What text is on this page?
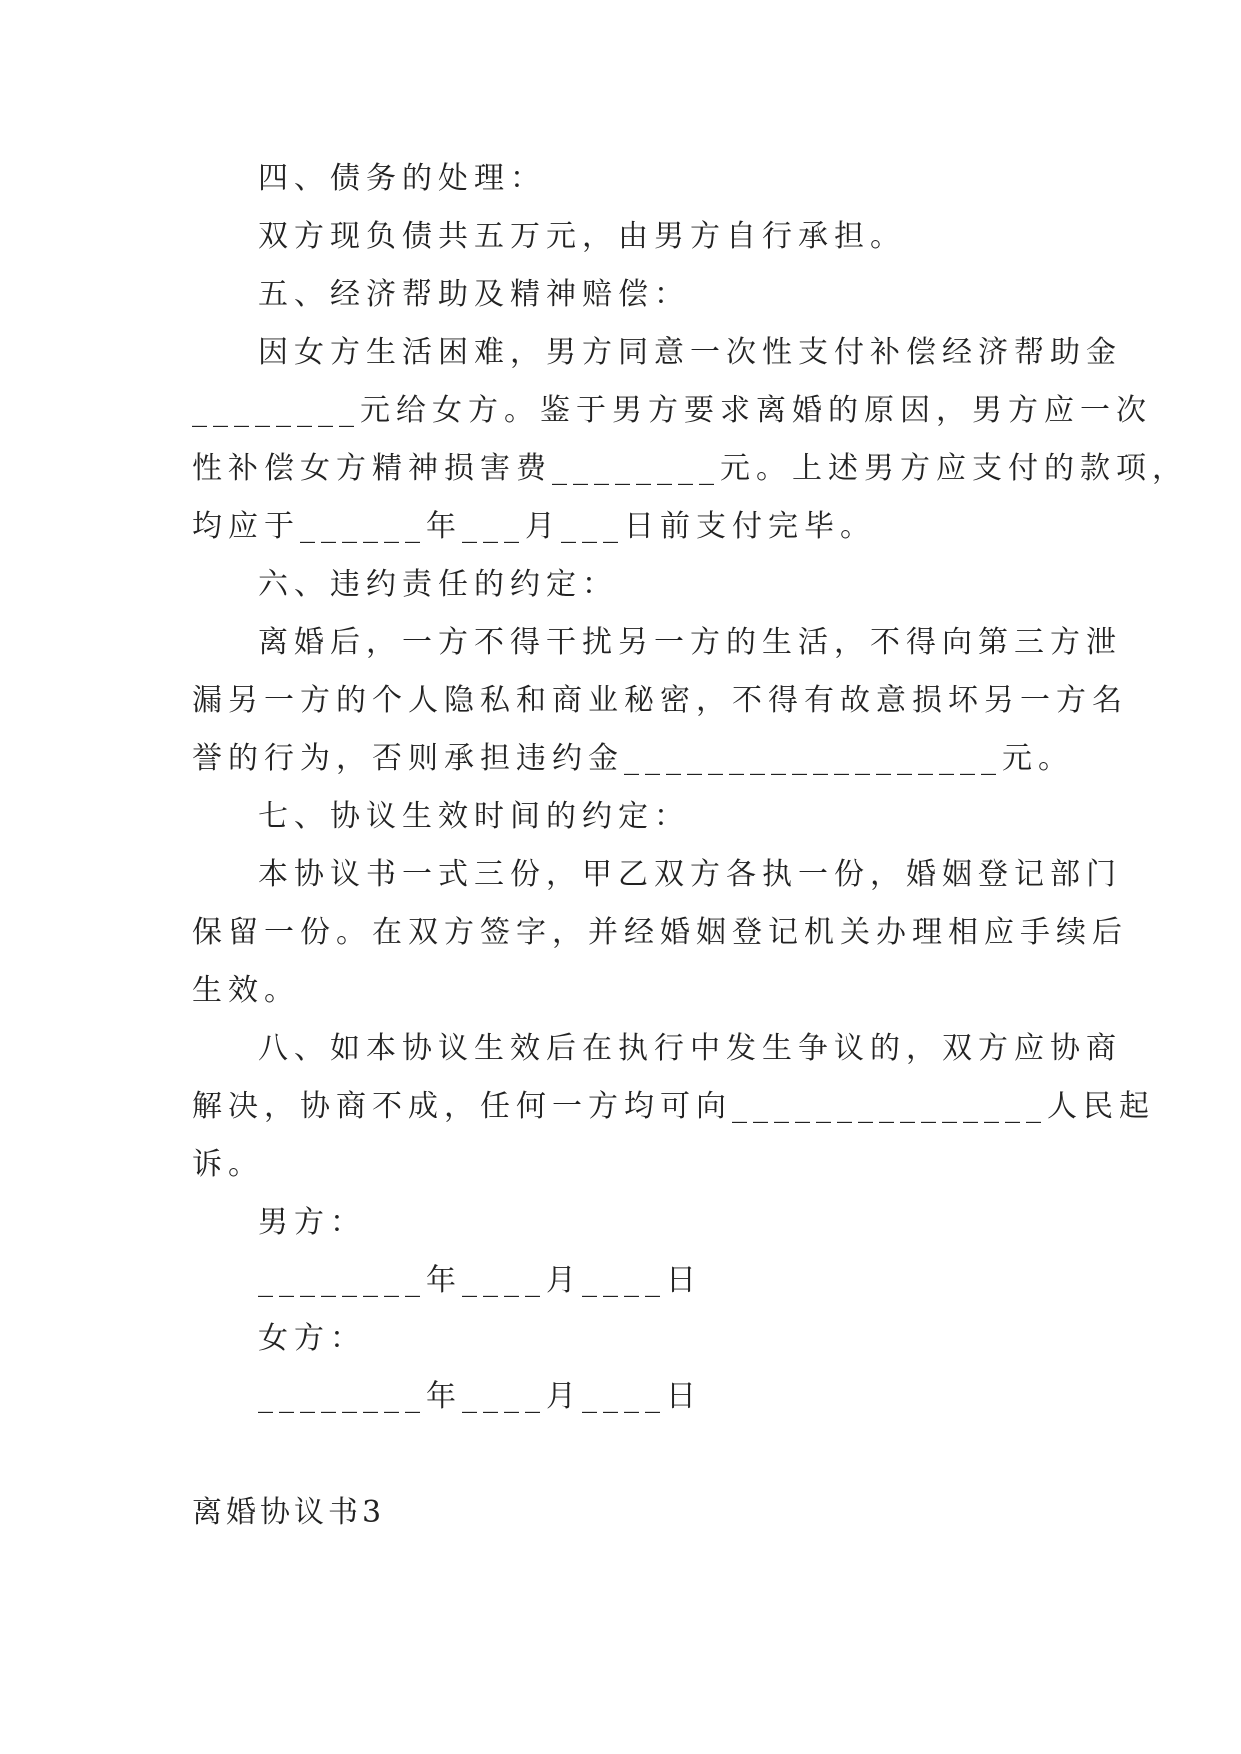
四、债务的处理：

双方现负债共五万元，由男方自行承担。

五、经济帮助及精神赔偿：

因女方生活困难，男方同意一次性支付补偿经济帮助金

________元给女方。鉴于男方要求离婚的原因，男方应一次

性补偿女方精神损害费________元。上述男方应支付的款项，

均应于______年___月___日前支付完毕。

六、违约责任的约定：

离婚后，一方不得干扰另一方的生活，不得向第三方泄

漏另一方的个人隐私和商业秘密，不得有故意损坏另一方名

誉的行为，否则承担违约金__________________元。

七、协议生效时间的约定：

本协议书一式三份，甲乙双方各执一份，婚姻登记部门

保留一份。在双方签字，并经婚姻登记机关办理相应手续后

生效。

八、如本协议生效后在执行中发生争议的，双方应协商

解决，协商不成，任何一方均可向_______________人民起

诉。

男方：

________年____月____日

女方：

________年____月____日

离婚协议书3
